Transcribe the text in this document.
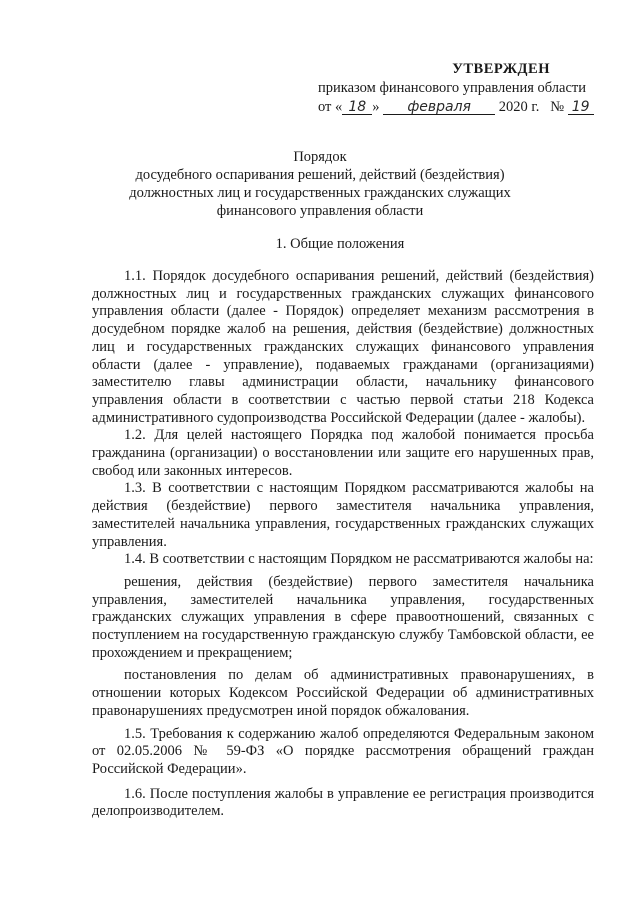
УТВЕРЖДЕН
приказом финансового управления области
от « 18 » февраля 2020 г. № 19
Порядок
досудебного оспаривания решений, действий (бездействия)
должностных лиц и государственных гражданских служащих
финансового управления области
1. Общие положения

1.1. Порядок досудебного оспаривания решений, действий (бездействия) должностных лиц и государственных гражданских служащих финансового управления области (далее - Порядок) определяет механизм рассмотрения в досудебном порядке жалоб на решения, действия (бездействие) должностных лиц и государственных гражданских служащих финансового управления области (далее - управление), подаваемых гражданами (организациями) заместителю главы администрации области, начальнику финансового управления области в соответствии с частью первой статьи 218 Кодекса административного судопроизводства Российской Федерации (далее - жалобы).

1.2. Для целей настоящего Порядка под жалобой понимается просьба гражданина (организации) о восстановлении или защите его нарушенных прав, свобод или законных интересов.

1.3. В соответствии с настоящим Порядком рассматриваются жалобы на действия (бездействие) первого заместителя начальника управления, заместителей начальника управления, государственных гражданских служащих управления.

1.4. В соответствии с настоящим Порядком не рассматриваются жалобы на:

решения, действия (бездействие) первого заместителя начальника управления, заместителей начальника управления, государственных гражданских служащих управления в сфере правоотношений, связанных с поступлением на государственную гражданскую службу Тамбовской области, ее прохождением и прекращением;

постановления по делам об административных правонарушениях, в отношении которых Кодексом Российской Федерации об административных правонарушениях предусмотрен иной порядок обжалования.

1.5. Требования к содержанию жалоб определяются Федеральным законом от 02.05.2006 № 59-ФЗ «О порядке рассмотрения обращений граждан Российской Федерации».

1.6. После поступления жалобы в управление ее регистрация производится делопроизводителем.
